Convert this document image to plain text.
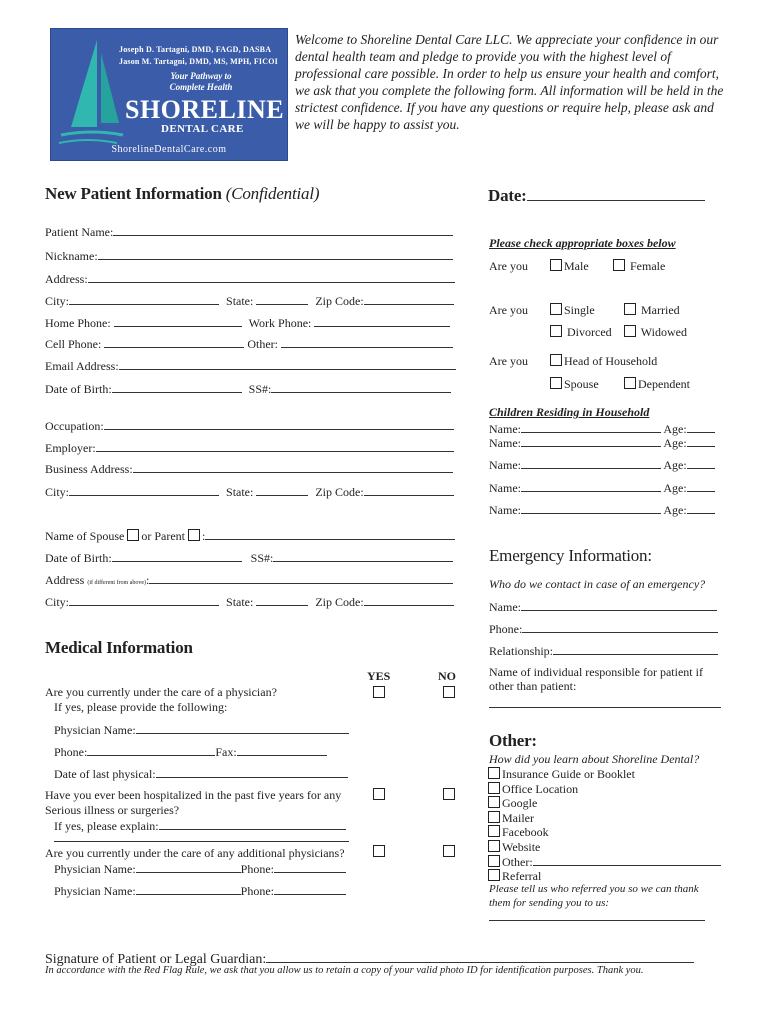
Joseph D. Tartagni, DMD, FAGD, DASBA
Jason M. Tartagni, DMD, MS, MPH, FICOI
Your Pathway to
Complete Health
SHORELINE
DENTAL CARE
ShorelineDentalCare.com
Welcome to Shoreline Dental Care LLC. We appreciate your confidence in our dental health team and pledge to provide you with the highest level of professional care possible. In order to help us ensure your health and comfort, we ask that you complete the following form. All information will be held in the strictest confidence. If you have any questions or require help, please ask and we will be happy to assist you.
New Patient Information (Confidential)	Date:
Patient Name:
Nickname:
Address:
City:	State:	Zip Code:
Home Phone:	Work Phone:
Cell Phone:	Other:
Email Address:
Date of Birth:	SS#:
Occupation:
Employer:
Business Address:
City:	State:	Zip Code:
Name of Spouse or Parent :
Date of Birth:	SS#:
Address (if different from above):
City:	State:	Zip Code:
Please check appropriate boxes below
Are you	Male	Female
Are you	Single	Married
Divorced	Widowed
Are you	Head of Household
Spouse	Dependent
Children Residing in Household
Name:	Age:
Name:	Age:
Name:	Age:
Name:	Age:
Name:	Age:
Emergency Information:
Who do we contact in case of an emergency?
Name:
Phone:
Relationship:
Name of individual responsible for patient if other than patient:
Medical Information
YES	NO
Are you currently under the care of a physician?
If yes, please provide the following:
Physician Name:
Phone:	Fax:
Date of last physical:
Have you ever been hospitalized in the past five years for any
Serious illness or surgeries?
If yes, please explain:
Are you currently under the care of any additional physicians?
Physician Name:	Phone:
Physician Name:	Phone:
Other:
How did you learn about Shoreline Dental?
Insurance Guide or Booklet
Office Location
Google
Mailer
Facebook
Website
Other:
Referral
Please tell us who referred you so we can thank them for sending you to us:
Signature of Patient or Legal Guardian:
In accordance with the Red Flag Rule, we ask that you allow us to retain a copy of your valid photo ID for identification purposes. Thank you.
